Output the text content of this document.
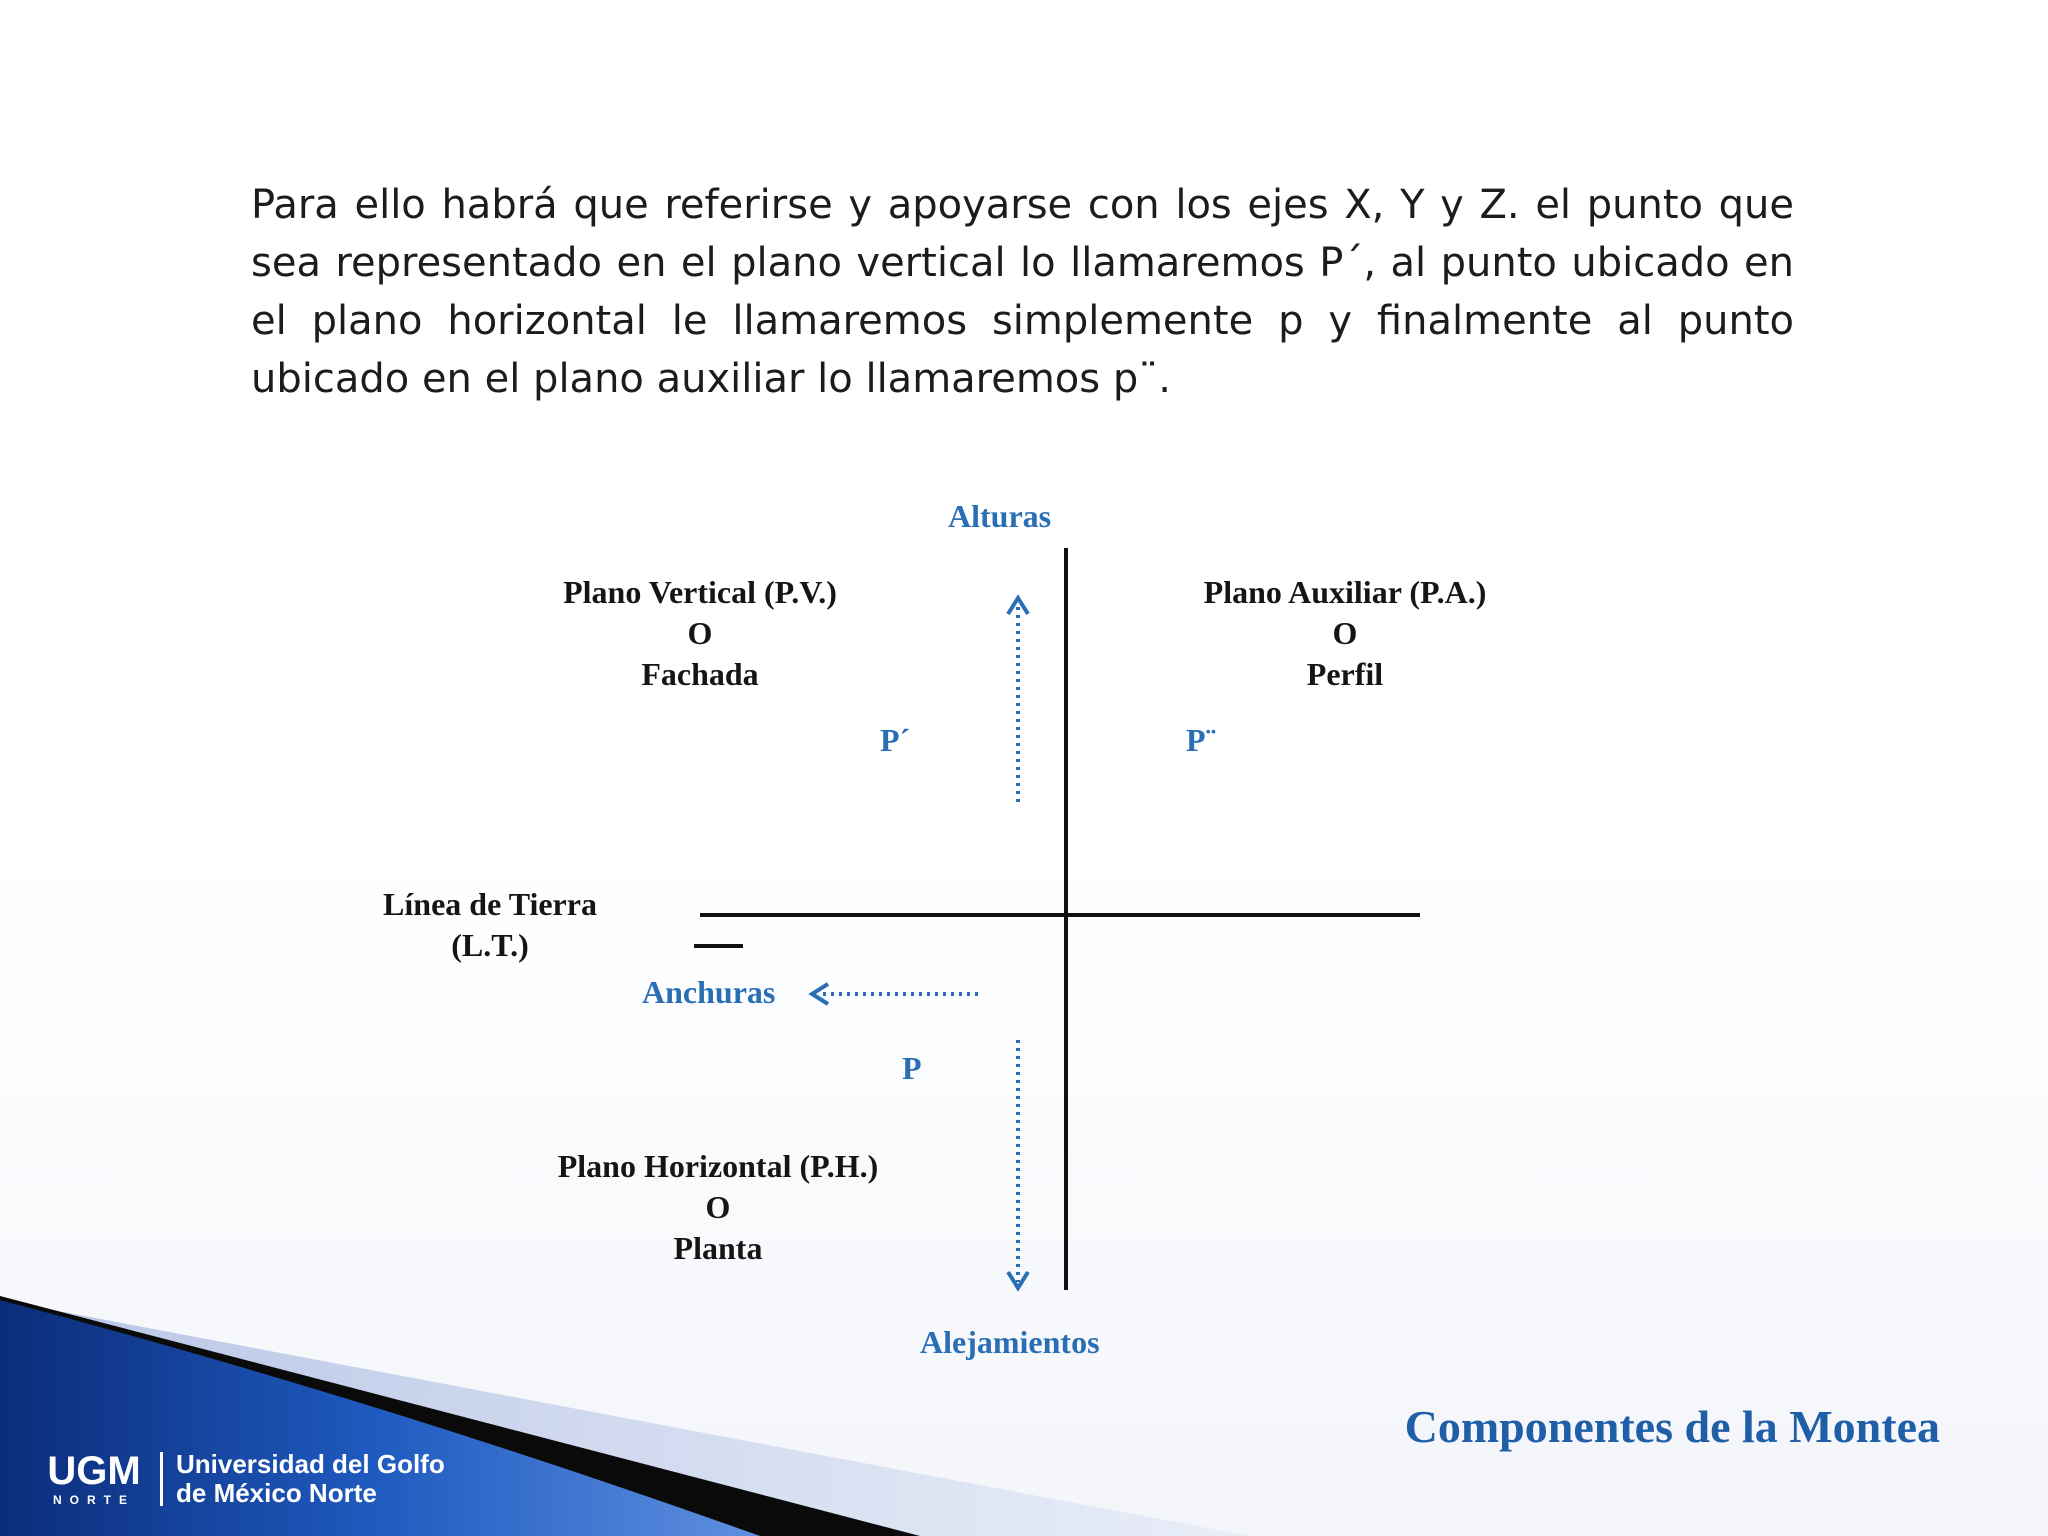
Para ello habrá que referirse y apoyarse con los ejes X, Y y Z. el punto que sea representado en el plano vertical lo llamaremos P´, al punto ubicado en el plano horizontal le llamaremos simplemente p y finalmente al punto ubicado en el plano auxiliar lo llamaremos p¨.

Alturas
Plano Vertical (P.V.)
O
Fachada
Plano Auxiliar (P.A.)
O
Perfil
P´	P¨
Línea de Tierra
(L.T.)
Anchuras
P
Plano Horizontal (P.H.)
O
Planta
Alejamientos
Componentes de la Montea
UGM
NORTE
Universidad del Golfo
de México Norte
